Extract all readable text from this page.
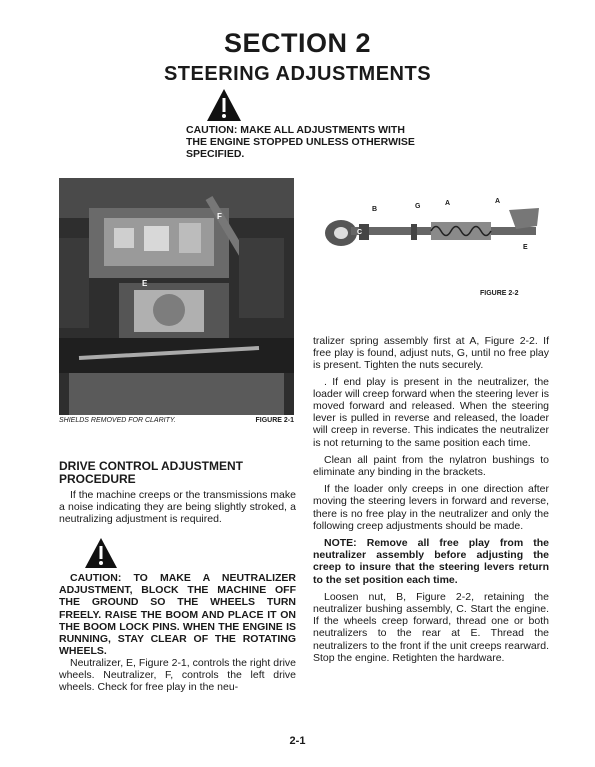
SECTION 2
STEERING ADJUSTMENTS
CAUTION: MAKE ALL ADJUSTMENTS WITH THE ENGINE STOPPED UNLESS OTHERWISE SPECIFIED.
F
E
SHIELDS REMOVED FOR CLARITY.	FIGURE 2-1
B	G	A	A
C
E
FIGURE 2-2
DRIVE CONTROL ADJUSTMENT PROCEDURE

If the machine creeps or the transmissions make a noise indicating they are being slightly stroked, a neutralizing adjustment is required.

CAUTION: TO MAKE A NEUTRALIZER ADJUSTMENT, BLOCK THE MACHINE OFF THE GROUND SO THE WHEELS TURN FREELY. RAISE THE BOOM AND PLACE IT ON THE BOOM LOCK PINS. WHEN THE ENGINE IS RUNNING, STAY CLEAR OF THE ROTATING WHEELS.

Neutralizer, E, Figure 2-1, controls the right drive wheels. Neutralizer, F, controls the left drive wheels. Check for free play in the neu-

tralizer spring assembly first at A, Figure 2-2. If free play is found, adjust nuts, G, until no free play is present. Tighten the nuts securely.

. If end play is present in the neutralizer, the loader will creep forward when the steering lever is moved forward and released. When the steering lever is pulled in reverse and released, the loader will creep in reverse. This indicates the neutralizer is not returning to the same position each time.

Clean all paint from the nylatron bushings to eliminate any binding in the brackets.

If the loader only creeps in one direction after moving the steering levers in forward and reverse, there is no free play in the neutralizer and only the following creep adjustments should be made.

NOTE: Remove all free play from the neutralizer assembly before adjusting the creep to insure that the steering levers return to the set position each time.

Loosen nut, B, Figure 2-2, retaining the neutralizer bushing assembly, C. Start the engine. If the wheels creep forward, thread one or both neutralizers to the rear at E. Thread the neutralizers to the front if the unit creeps rearward. Stop the engine. Retighten the hardware.

2-1
